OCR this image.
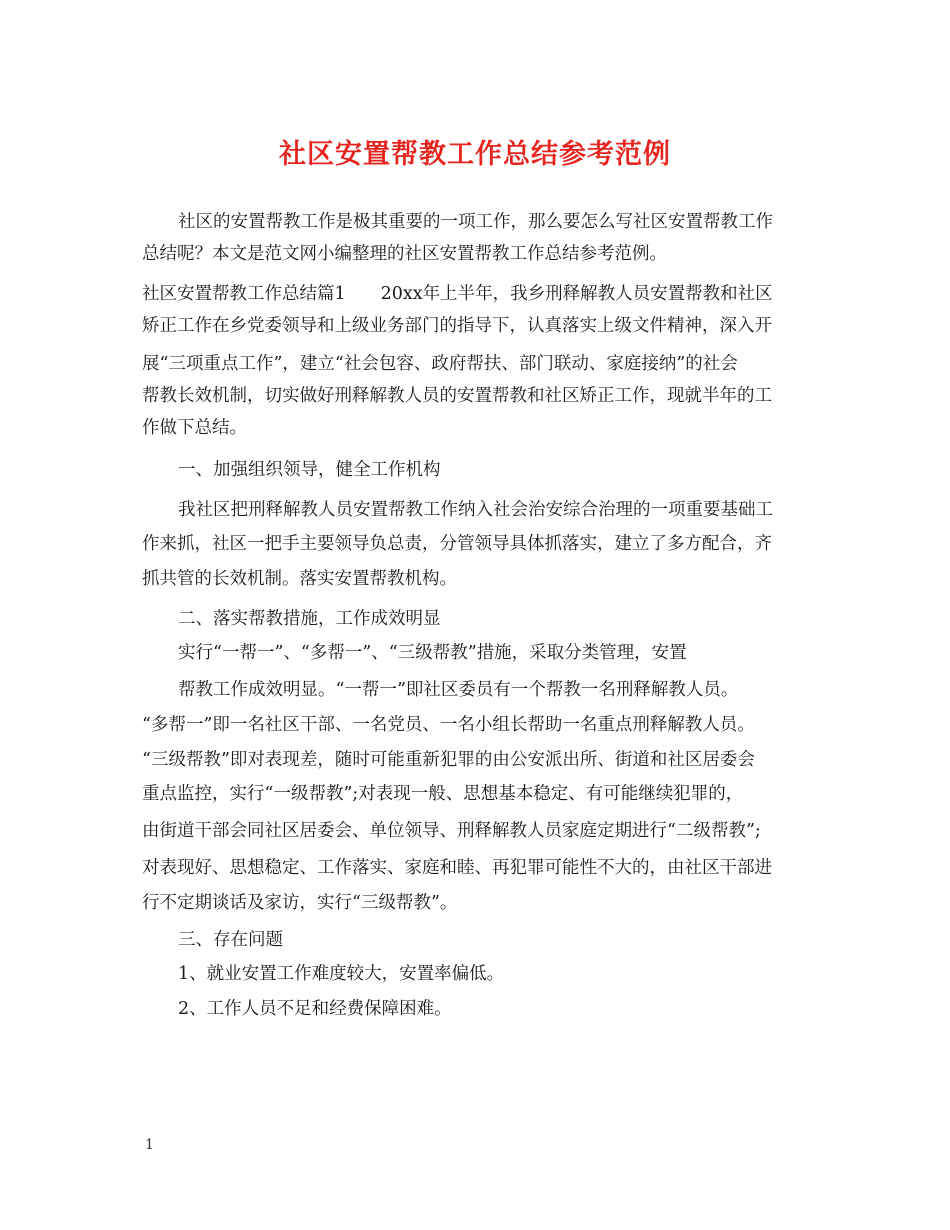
社区安置帮教工作总结参考范例
社区的安置帮教工作是极其重要的一项工作，那么要怎么写社区安置帮教工作
总结呢？本文是范文网小编整理的社区安置帮教工作总结参考范例。
社区安置帮教工作总结篇1　　20xx年上半年，我乡刑释解教人员安置帮教和社区
矫正工作在乡党委领导和上级业务部门的指导下，认真落实上级文件精神，深入开
展“三项重点工作”，建立“社会包容、政府帮扶、部门联动、家庭接纳”的社会
帮教长效机制，切实做好刑释解教人员的安置帮教和社区矫正工作，现就半年的工
作做下总结。
一、加强组织领导，健全工作机构
我社区把刑释解教人员安置帮教工作纳入社会治安综合治理的一项重要基础工
作来抓，社区一把手主要领导负总责，分管领导具体抓落实，建立了多方配合，齐
抓共管的长效机制。落实安置帮教机构。
二、落实帮教措施，工作成效明显
实行“一帮一”、“多帮一”、“三级帮教”措施，采取分类管理，安置
帮教工作成效明显。“一帮一”即社区委员有一个帮教一名刑释解教人员。
“多帮一”即一名社区干部、一名党员、一名小组长帮助一名重点刑释解教人员。
“三级帮教”即对表现差，随时可能重新犯罪的由公安派出所、街道和社区居委会
重点监控，实行“一级帮教”;对表现一般、思想基本稳定、有可能继续犯罪的，
由街道干部会同社区居委会、单位领导、刑释解教人员家庭定期进行“二级帮教”;
对表现好、思想稳定、工作落实、家庭和睦、再犯罪可能性不大的，由社区干部进
行不定期谈话及家访，实行“三级帮教”。
三、存在问题
1、就业安置工作难度较大，安置率偏低。
2、工作人员不足和经费保障困难。
1
